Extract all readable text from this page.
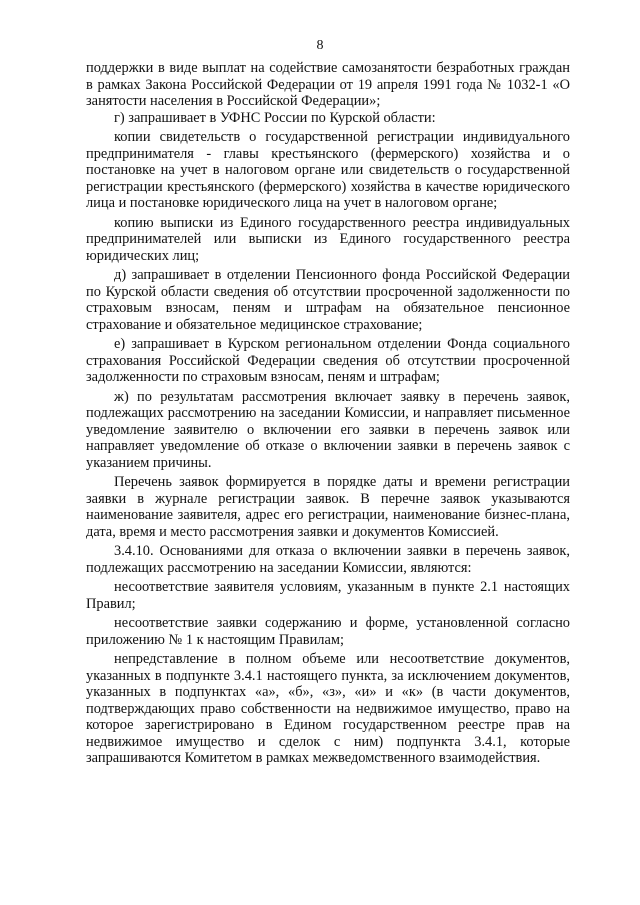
8

поддержки в виде выплат на содействие самозанятости безработных граждан в рамках Закона Российской Федерации от 19 апреля 1991 года № 1032-1 «О занятости населения в Российской Федерации»;

г) запрашивает в УФНС России по Курской области:

копии свидетельств о государственной регистрации индивидуального предпринимателя - главы крестьянского (фермерского) хозяйства и о постановке на учет в налоговом органе или свидетельств о государственной регистрации крестьянского (фермерского) хозяйства в качестве юридического лица и постановке юридического лица на учет в налоговом органе;

копию выписки из Единого государственного реестра индивидуальных предпринимателей или выписки из Единого государственного реестра юридических лиц;

д) запрашивает в отделении Пенсионного фонда Российской Федерации по Курской области сведения об отсутствии просроченной задолженности по страховым взносам, пеням и штрафам на обязательное пенсионное страхование и обязательное медицинское страхование;

е) запрашивает в Курском региональном отделении Фонда социального страхования Российской Федерации сведения об отсутствии просроченной задолженности по страховым взносам, пеням и штрафам;

ж) по результатам рассмотрения включает заявку в перечень заявок, подлежащих рассмотрению на заседании Комиссии, и направляет письменное уведомление заявителю о включении его заявки в перечень заявок или направляет уведомление об отказе о включении заявки в перечень заявок с указанием причины.

Перечень заявок формируется в порядке даты и времени регистрации заявки в журнале регистрации заявок. В перечне заявок указываются наименование заявителя, адрес его регистрации, наименование бизнес-плана, дата, время и место рассмотрения заявки и документов Комиссией.

3.4.10. Основаниями для отказа о включении заявки в перечень заявок, подлежащих рассмотрению на заседании Комиссии, являются:

несоответствие заявителя условиям, указанным в пункте 2.1 настоящих Правил;

несоответствие заявки содержанию и форме, установленной согласно приложению № 1 к настоящим Правилам;

непредставление в полном объеме или несоответствие документов, указанных в подпункте 3.4.1 настоящего пункта, за исключением документов, указанных в подпунктах «а», «б», «з», «и» и «к» (в части документов, подтверждающих право собственности на недвижимое имущество, право на которое зарегистрировано в Едином государственном реестре прав на недвижимое имущество и сделок с ним) подпункта 3.4.1, которые запрашиваются Комитетом в рамках межведомственного взаимодействия.
